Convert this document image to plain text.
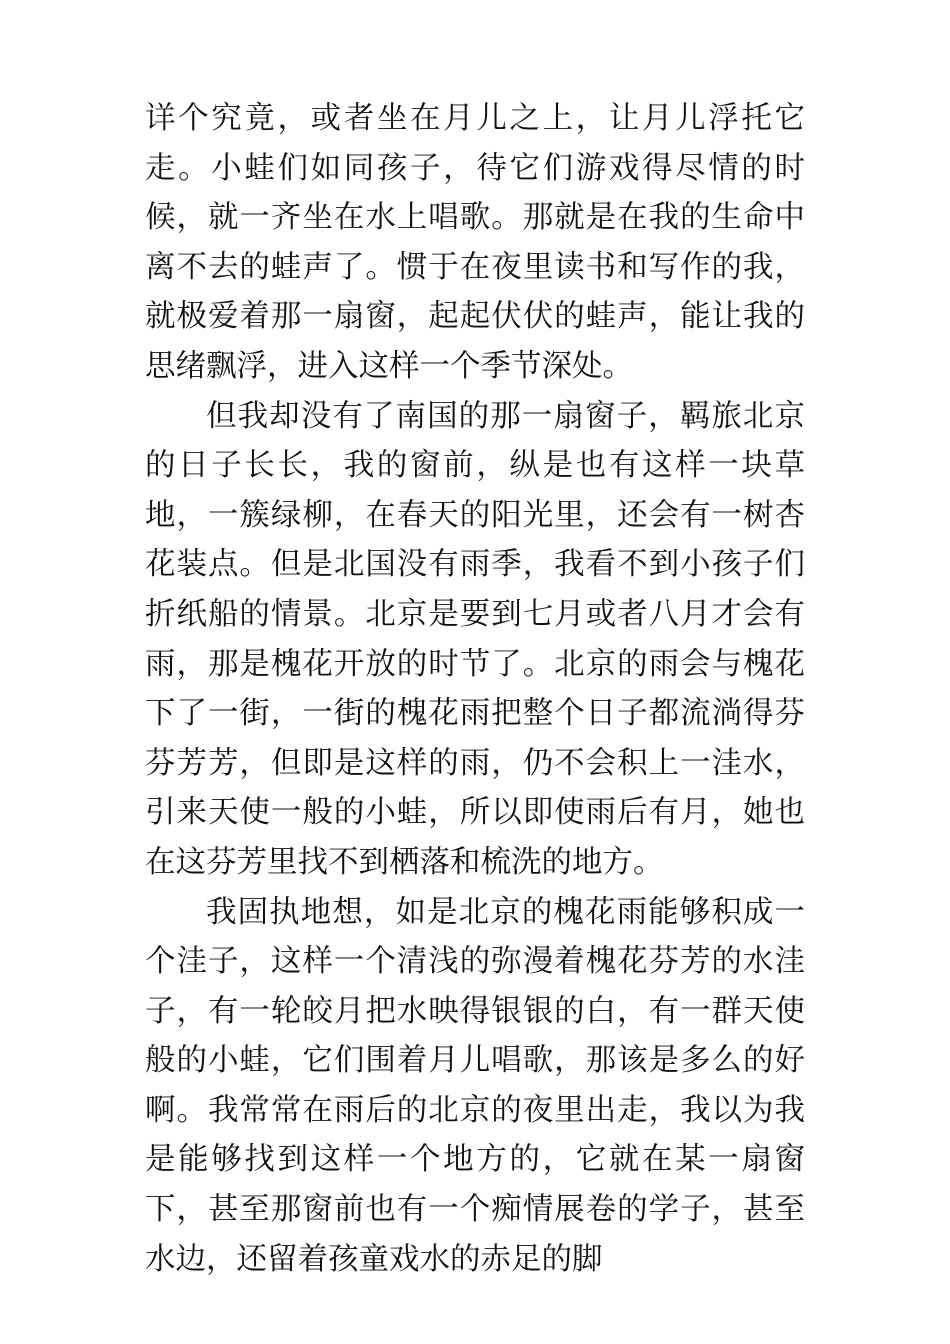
详个究竟，或者坐在月儿之上，让月儿浮托它走。小蛙们如同孩子，待它们游戏得尽情的时候，就一齐坐在水上唱歌。那就是在我的生命中离不去的蛙声了。惯于在夜里读书和写作的我，就极爱着那一扇窗，起起伏伏的蛙声，能让我的思绪飘浮，进入这样一个季节深处。

但我却没有了南国的那一扇窗子，羁旅北京的日子长长，我的窗前，纵是也有这样一块草地，一簇绿柳，在春天的阳光里，还会有一树杏花装点。但是北国没有雨季，我看不到小孩子们折纸船的情景。北京是要到七月或者八月才会有雨，那是槐花开放的时节了。北京的雨会与槐花下了一街，一街的槐花雨把整个日子都流淌得芬芬芳芳，但即是这样的雨，仍不会积上一洼水，引来天使一般的小蛙，所以即使雨后有月，她也在这芬芳里找不到栖落和梳洗的地方。

我固执地想，如是北京的槐花雨能够积成一个洼子，这样一个清浅的弥漫着槐花芬芳的水洼子，有一轮皎月把水映得银银的白，有一群天使般的小蛙，它们围着月儿唱歌，那该是多么的好啊。我常常在雨后的北京的夜里出走，我以为我是能够找到这样一个地方的，它就在某一扇窗下，甚至那窗前也有一个痴情展卷的学子，甚至水边，还留着孩童戏水的赤足的脚
